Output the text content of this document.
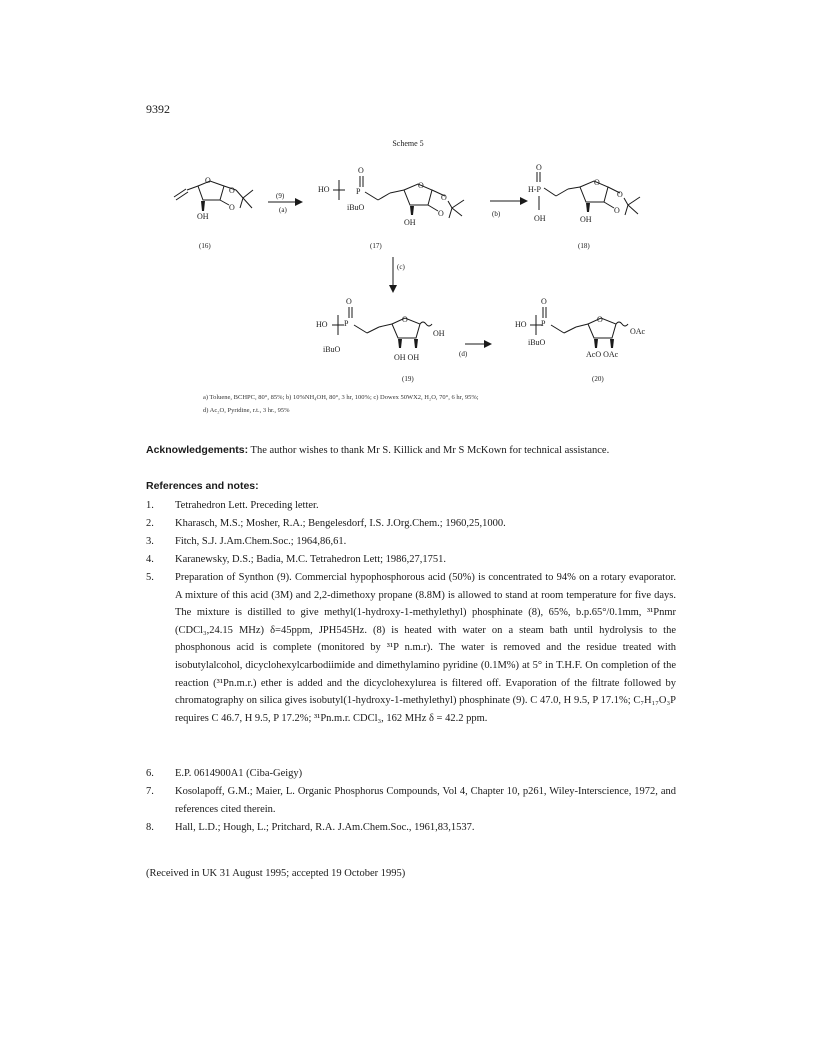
9392
Scheme 5
O
O
O
OH
(16)
(9)
(a)
O
HO	P
iBuO
O
O
O
OH
(17)
(b)
O
H-P
OH
O
O
O
OH
(18)
(c)
O
HO P
iBuO
O
OH
OH OH
(19)
(d)
O
HO P
iBuO
O
OAc
AcO OAc
(20)
a) Toluene, BCHPC, 80°, 85%; b) 10%NH₄OH, 80°, 3 hr, 100%; c) Dowex 50WX2, H₂O, 70°, 6 hr, 95%;
d) Ac₂O, Pyridine, r.t., 3 hr., 95%
Acknowledgements: The author wishes to thank Mr S. Killick and Mr S McKown for technical assistance.
References and notes:
1. Tetrahedron Lett. Preceding letter.
2. Kharasch, M.S.; Mosher, R.A.; Bengelesdorf, I.S. J.Org.Chem.; 1960,25,1000.
3. Fitch, S.J. J.Am.Chem.Soc.; 1964,86,61.
4. Karanewsky, D.S.; Badia, M.C. Tetrahedron Lett; 1986,27,1751.
5. Preparation of Synthon (9). Commercial hypophosphorous acid (50%) is concentrated to 94% on a rotary evaporator. A mixture of this acid (3M) and 2,2-dimethoxy propane (8.8M) is allowed to stand at room temperature for five days. The mixture is distilled to give methyl(1-hydroxy-1-methylethyl) phosphinate (8), 65%, b.p.65°/0.1mm, ³¹Pnmr (CDCl₃,24.15 MHz) δ=45ppm, JPH545Hz. (8) is heated with water on a steam bath until hydrolysis to the phosphonous acid is complete (monitored by ³¹P n.m.r). The water is removed and the residue treated with isobutylalcohol, dicyclohexylcarbodiimide and dimethylamino pyridine (0.1M%) at 5° in T.H.F. On completion of the reaction (³¹Pn.m.r.) ether is added and the dicyclohexylurea is filtered off. Evaporation of the filtrate followed by chromatography on silica gives isobutyl(1-hydroxy-1-methylethyl) phosphinate (9). C 47.0, H 9.5, P 17.1%; C₇H₁₇O₃P requires C 46.7, H 9.5, P 17.2%; ³¹Pn.m.r. CDCl₃, 162 MHz δ = 42.2 ppm.
6. E.P. 0614900A1 (Ciba-Geigy)
7. Kosolapoff, G.M.; Maier, L. Organic Phosphorus Compounds, Vol 4, Chapter 10, p261, Wiley-Interscience, 1972, and references cited therein.
8. Hall, L.D.; Hough, L.; Pritchard, R.A. J.Am.Chem.Soc., 1961,83,1537.
(Received in UK 31 August 1995; accepted 19 October 1995)
